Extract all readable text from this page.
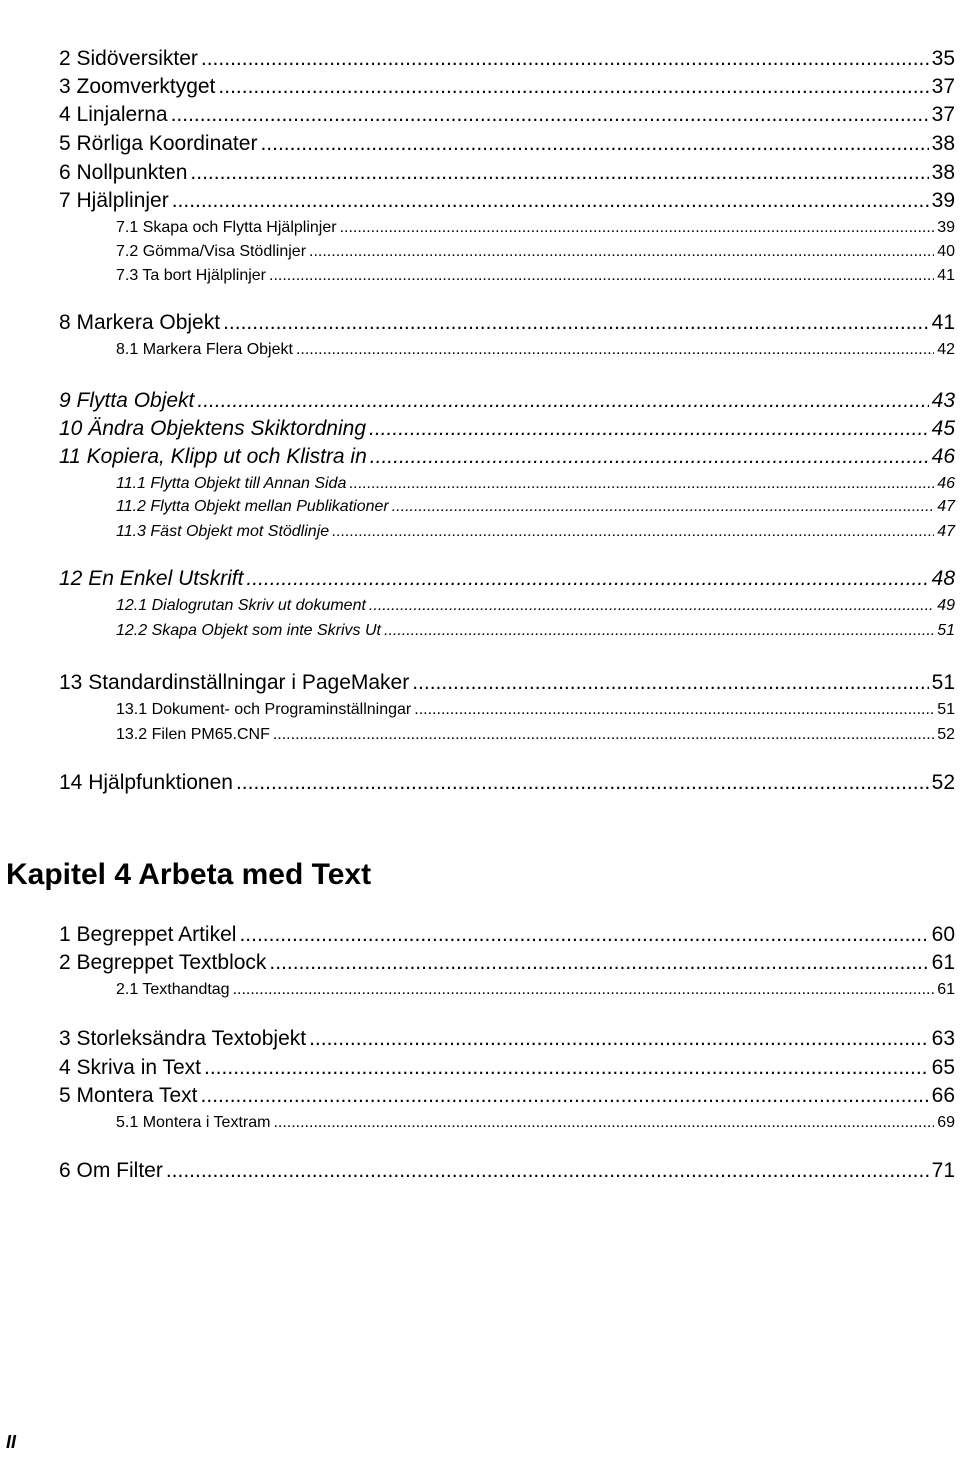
2 Sidöversikter .....	35
3 Zoomverktyget .....	37
4 Linjalerna .....	37
5 Rörliga Koordinater .....	38
6 Nollpunkten .....	38
7 Hjälplinjer .....	39
7.1 Skapa och Flytta Hjälplinjer .....	39
7.2 Gömma/Visa Stödlinjer .....	40
7.3 Ta bort Hjälplinjer .....	41
8 Markera Objekt .....	41
8.1 Markera Flera Objekt .....	42
9 Flytta Objekt .....	43
10 Ändra Objektens Skiktordning .....	45
11 Kopiera, Klipp ut och Klistra in .....	46
11.1 Flytta Objekt till Annan Sida .....	46
11.2 Flytta Objekt mellan Publikationer .....	47
11.3 Fäst Objekt mot Stödlinje .....	47
12 En Enkel Utskrift .....	48
12.1 Dialogrutan Skriv ut dokument .....	49
12.2 Skapa Objekt som inte Skrivs Ut .....	51
13 Standardinställningar i PageMaker .....	51
13.1 Dokument- och Programinställningar .....	51
13.2 Filen PM65.CNF .....	52
14 Hjälpfunktionen .....	52
1 Begreppet Artikel .....	60
2 Begreppet Textblock .....	61
2.1 Texthandtag .....	61
3 Storleksändra Textobjekt .....	63
4 Skriva in Text .....	65
5 Montera Text .....	66
5.1 Montera i Textram .....	69
6 Om Filter .....	71
Kapitel 4 Arbeta med Text
II
